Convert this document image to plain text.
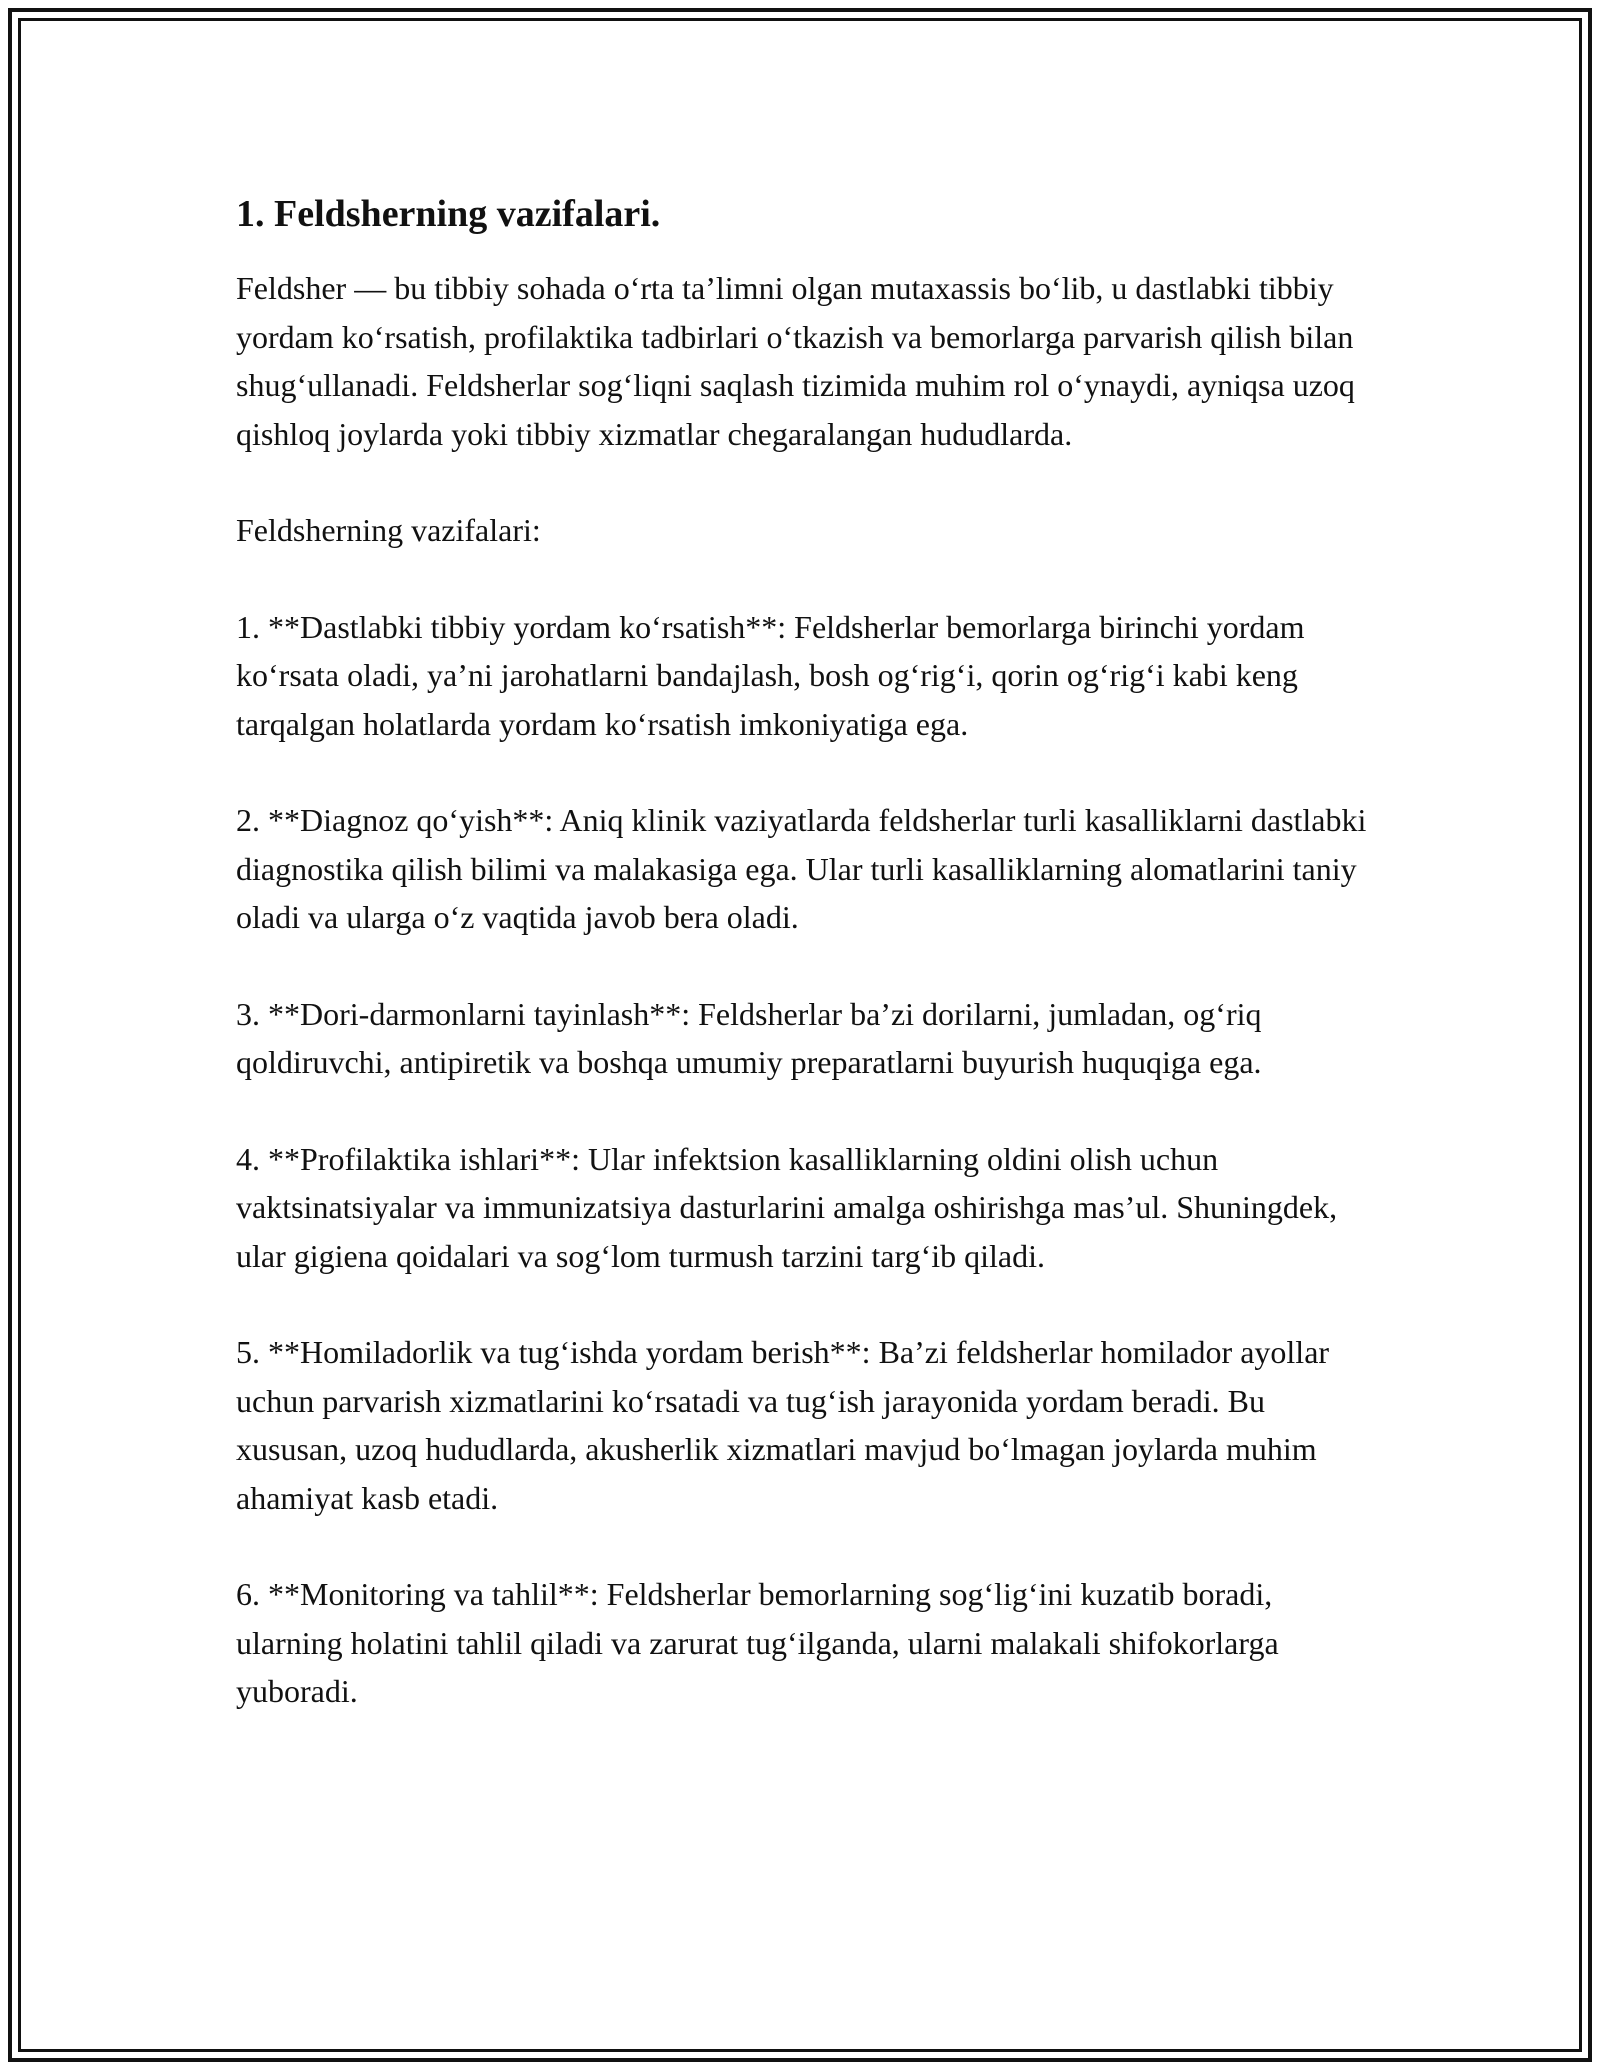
1. Feldsherning vazifalari.

Feldsher — bu tibbiy sohada o‘rta ta’limni olgan mutaxassis bo‘lib, u dastlabki tibbiy yordam ko‘rsatish, profilaktika tadbirlari o‘tkazish va bemorlarga parvarish qilish bilan shug‘ullanadi. Feldsherlar sog‘liqni saqlash tizimida muhim rol o‘ynaydi, ayniqsa uzoq qishloq joylarda yoki tibbiy xizmatlar chegaralangan hududlarda.

Feldsherning vazifalari:

1. **Dastlabki tibbiy yordam ko‘rsatish**: Feldsherlar bemorlarga birinchi yordam ko‘rsata oladi, ya’ni jarohatlarni bandajlash, bosh og‘rig‘i, qorin og‘rig‘i kabi keng tarqalgan holatlarda yordam ko‘rsatish imkoniyatiga ega.

2. **Diagnoz qo‘yish**: Aniq klinik vaziyatlarda feldsherlar turli kasalliklarni dastlabki diagnostika qilish bilimi va malakasiga ega. Ular turli kasalliklarning alomatlarini taniy oladi va ularga o‘z vaqtida javob bera oladi.

3. **Dori-darmonlarni tayinlash**: Feldsherlar ba’zi dorilarni, jumladan, og‘riq qoldiruvchi, antipiretik va boshqa umumiy preparatlarni buyurish huquqiga ega.

4. **Profilaktika ishlari**: Ular infektsion kasalliklarning oldini olish uchun vaktsinatsiyalar va immunizatsiya dasturlarini amalga oshirishga mas’ul. Shuningdek, ular gigiena qoidalari va sog‘lom turmush tarzini targ‘ib qiladi.

5. **Homiladorlik va tug‘ishda yordam berish**: Ba’zi feldsherlar homilador ayollar uchun parvarish xizmatlarini ko‘rsatadi va tug‘ish jarayonida yordam beradi. Bu xususan, uzoq hududlarda, akusherlik xizmatlari mavjud bo‘lmagan joylarda muhim ahamiyat kasb etadi.

6. **Monitoring va tahlil**: Feldsherlar bemorlarning sog‘lig‘ini kuzatib boradi, ularning holatini tahlil qiladi va zarurat tug‘ilganda, ularni malakali shifokorlarga yuboradi.
